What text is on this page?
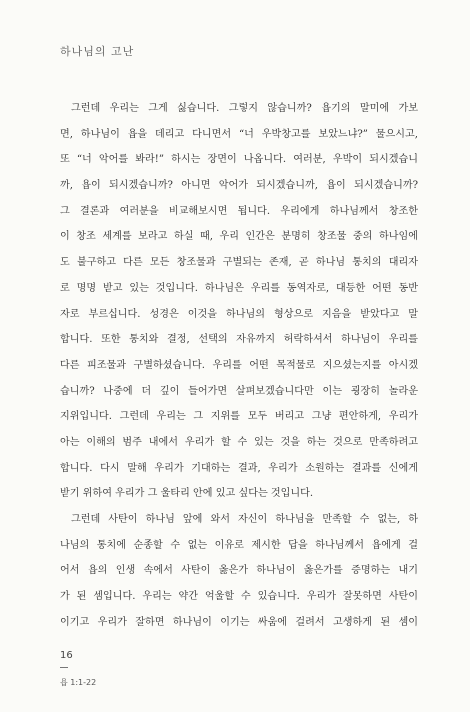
하나님의 고난
그런데 우리는 그게 싫습니다. 그렇지 않습니까? 욥기의 말미에 가보
면, 하나님이 욥을 데리고 다니면서 “너 우박창고를 보았느냐?” 물으시고,
또 “너 악어를 봐라!” 하시는 장면이 나옵니다. 여러분, 우박이 되시겠습니
까, 욥이 되시겠습니까? 아니면 악어가 되시겠습니까, 욥이 되시겠습니까?
그 결론과 여러분을 비교해보시면 됩니다. 우리에게 하나님께서 창조한
이 창조 세계를 보라고 하실 때, 우리 인간은 분명히 창조물 중의 하나임에
도 불구하고 다른 모든 창조물과 구별되는 존재, 곧 하나님 통치의 대리자
로 명명 받고 있는 것입니다. 하나님은 우리를 동역자로, 대등한 어떤 동반
자로 부르십니다. 성경은 이것을 하나님의 형상으로 지음을 받았다고 말
합니다. 또한 통치와 결정, 선택의 자유까지 허락하셔서 하나님이 우리를
다른 피조물과 구별하셨습니다. 우리를 어떤 목적물로 지으셨는지를 아시겠
습니까? 나중에 더 깊이 들어가면 살펴보겠습니다만 이는 굉장히 놀라운
지위입니다. 그런데 우리는 그 지위를 모두 버리고 그냥 편안하게, 우리가
아는 이해의 범주 내에서 우리가 할 수 있는 것을 하는 것으로 만족하려고
합니다. 다시 말해 우리가 기대하는 결과, 우리가 소원하는 결과를 신에게
받기 위하여 우리가 그 울타리 안에 있고 싶다는 것입니다.
그런데 사탄이 하나님 앞에 와서 자신이 하나님을 만족할 수 없는, 하
나님의 통치에 순종할 수 없는 이유로 제시한 답을 하나님께서 욥에게 걸
어서 욥의 인생 속에서 사탄이 옳은가 하나님이 옳은가를 증명하는 내기
가 된 셈입니다. 우리는 약간 억울할 수 있습니다. 우리가 잘못하면 사탄이
이기고 우리가 잘하면 하나님이 이기는 싸움에 걸려서 고생하게 된 셈이
16
욥 1:1-22
